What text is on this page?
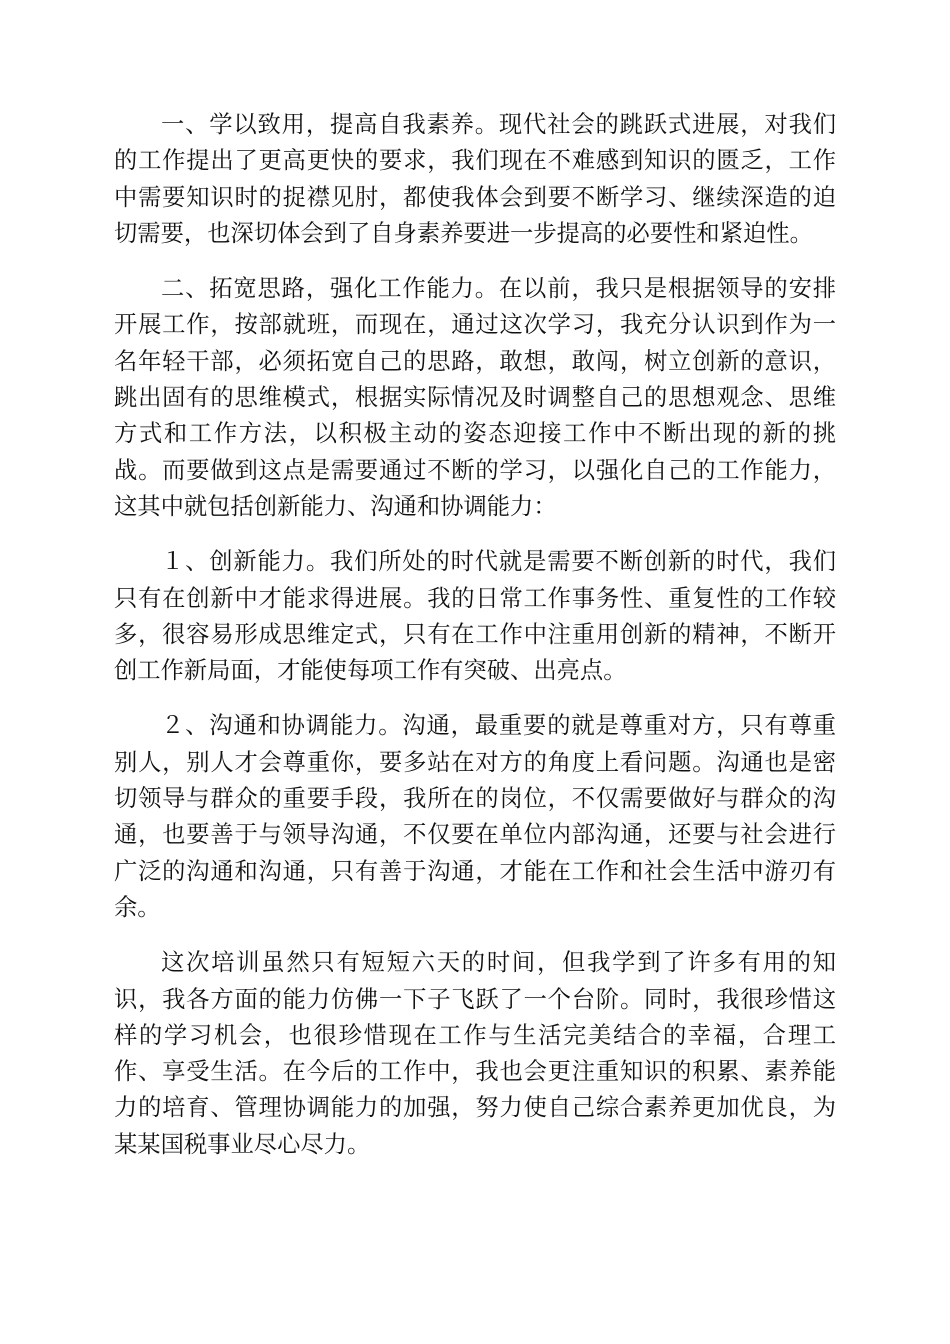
一、学以致用，提高自我素养。现代社会的跳跃式进展，对我们的工作提出了更高更快的要求，我们现在不难感到知识的匮乏，工作中需要知识时的捉襟见肘，都使我体会到要不断学习、继续深造的迫切需要，也深切体会到了自身素养要进一步提高的必要性和紧迫性。

二、拓宽思路，强化工作能力。在以前，我只是根据领导的安排开展工作，按部就班，而现在，通过这次学习，我充分认识到作为一名年轻干部，必须拓宽自己的思路，敢想，敢闯，树立创新的意识，跳出固有的思维模式，根据实际情况及时调整自己的思想观念、思维方式和工作方法，以积极主动的姿态迎接工作中不断出现的新的挑战。而要做到这点是需要通过不断的学习，以强化自己的工作能力，这其中就包括创新能力、沟通和协调能力：

１、创新能力。我们所处的时代就是需要不断创新的时代，我们只有在创新中才能求得进展。我的日常工作事务性、重复性的工作较多，很容易形成思维定式，只有在工作中注重用创新的精神，不断开创工作新局面，才能使每项工作有突破、出亮点。

２、沟通和协调能力。沟通，最重要的就是尊重对方，只有尊重别人，别人才会尊重你，要多站在对方的角度上看问题。沟通也是密切领导与群众的重要手段，我所在的岗位，不仅需要做好与群众的沟通，也要善于与领导沟通，不仅要在单位内部沟通，还要与社会进行广泛的沟通和沟通，只有善于沟通，才能在工作和社会生活中游刃有余。

这次培训虽然只有短短六天的时间，但我学到了许多有用的知识，我各方面的能力仿佛一下子飞跃了一个台阶。同时，我很珍惜这样的学习机会，也很珍惜现在工作与生活完美结合的幸福，合理工作、享受生活。在今后的工作中，我也会更注重知识的积累、素养能力的培育、管理协调能力的加强，努力使自己综合素养更加优良，为某某国税事业尽心尽力。
